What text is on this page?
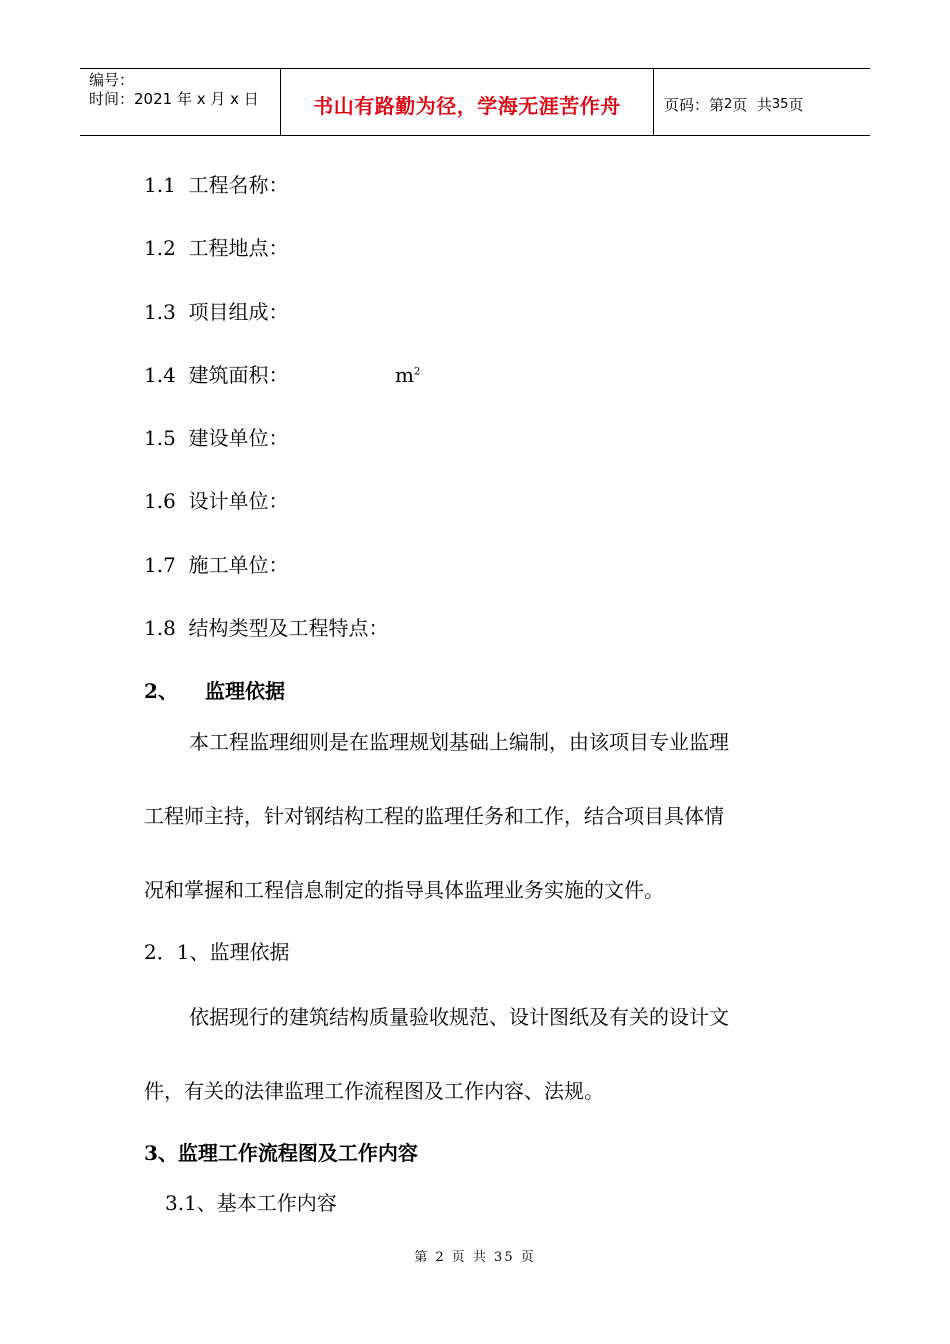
编号：
时间：2021 年 x 月 x 日	书山有路勤为径，学海无涯苦作舟	页码：第 2 页  共 35 页
1.1 工程名称：
1.2 工程地点：
1.3 项目组成：
1.4 建筑面积：	$m^2$
1.5 建设单位：
1.6 设计单位：
1.7 施工单位：
1.8 结构类型及工程特点：
2、 监理依据
本工程监理细则是在监理规划基础上编制，由该项目专业监理
工程师主持，针对钢结构工程的监理任务和工作，结合项目具体情
况和掌握和工程信息制定的指导具体监理业务实施的文件。
2．1、监理依据
依据现行的建筑结构质量验收规范、设计图纸及有关的设计文
件，有关的法律监理工作流程图及工作内容、法规。
3、监理工作流程图及工作内容
3.1、基本工作内容
第 2 页 共 35 页
